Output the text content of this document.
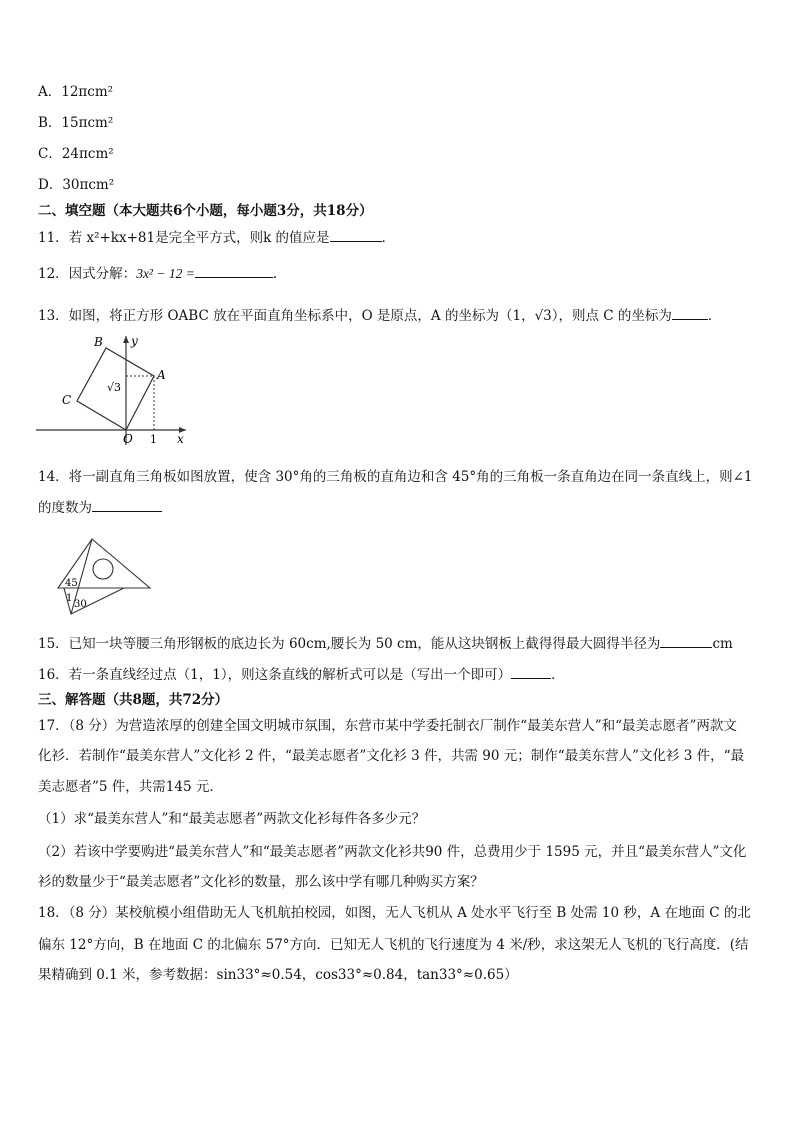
A．12πcm²
B．15πcm²
C．24πcm²
D．30πcm²
二、填空题（本大题共6个小题，每小题3分，共18分）
11．若 x²+kx+81是完全平方式，则k 的值应是	．
12．因式分解：3x² − 12 =	.
13．如图，将正方形 OABC 放在平面直角坐标系中，O 是原点，A 的坐标为（1，√3），则点 C 的坐标为	．
B y
A
C
√3
O 1 x
14．将一副直角三角板如图放置，使含 30°角的三角板的直角边和含 45°角的三角板一条直角边在同一条直线上，则∠1
的度数为
45
1
30
15．已知一块等腰三角形钢板的底边长为 60cm,腰长为 50 cm，能从这块钢板上截得得最大圆得半径为	cm
16．若一条直线经过点（1，1），则这条直线的解析式可以是（写出一个即可）	．
三、解答题（共8题，共72分）
17．（8 分）为营造浓厚的创建全国文明城市氛围，东营市某中学委托制衣厂制作“最美东营人”和“最美志愿者”两款文
化衫．若制作“最美东营人”文化衫 2 件，“最美志愿者”文化衫 3 件，共需 90 元；制作“最美东营人”文化衫 3 件，“最
美志愿者”5 件，共需145 元．
（1）求“最美东营人”和“最美志愿者”两款文化衫每件各多少元？
（2）若该中学要购进“最美东营人”和“最美志愿者”两款文化衫共90 件，总费用少于 1595 元，并且“最美东营人”文化
衫的数量少于“最美志愿者”文化衫的数量，那么该中学有哪几种购买方案？
18．（8 分）某校航模小组借助无人飞机航拍校园，如图，无人飞机从 A 处水平飞行至 B 处需 10 秒，A 在地面 C 的北
偏东 12°方向，B 在地面 C 的北偏东 57°方向．已知无人飞机的飞行速度为 4 米/秒，求这架无人飞机的飞行高度．(结
果精确到 0.1 米，参考数据：sin33°≈0.54，cos33°≈0.84，tan33°≈0.65）
